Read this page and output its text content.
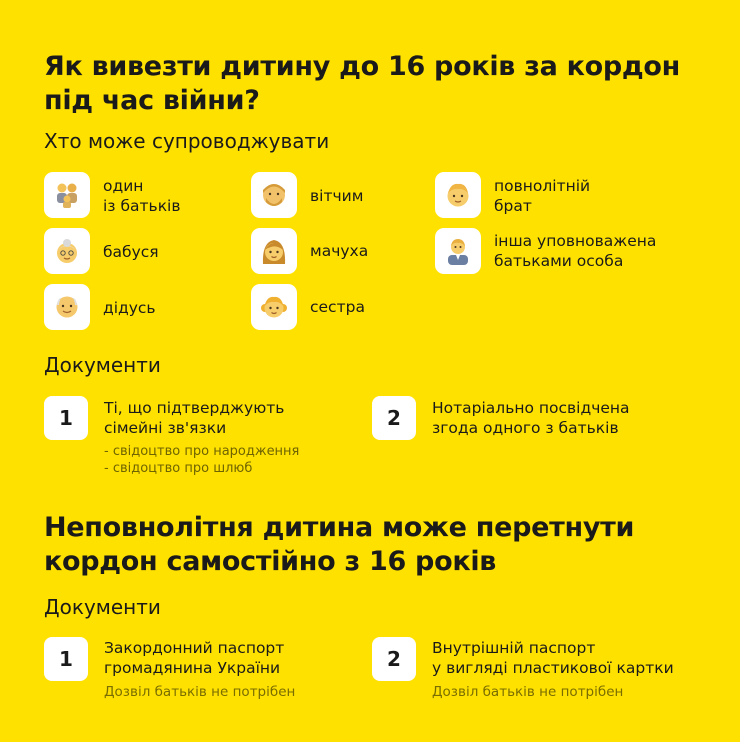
Як вивезти дитину до 16 років за кордон
під час війни?
Хто може супроводжувати
один
із батьків
вітчим
повнолітній
брат
бабуся	мачуха
інша уповноважена
батьками особа
дідусь	сестра
Документи
1	Ті, що підтверджують
сімейні зв'язки
- свідоцтво про народження
- свідоцтво про шлюб
2	Нотаріально посвідчена
згода одного з батьків
Неповнолітня дитина може перетнути
кордон самостійно з 16 років
Документи
1	Закордонний паспорт
громадянина України
Дозвіл батьків не потрібен
2	Внутрішній паспорт
у вигляді пластикової картки
Дозвіл батьків не потрібен
